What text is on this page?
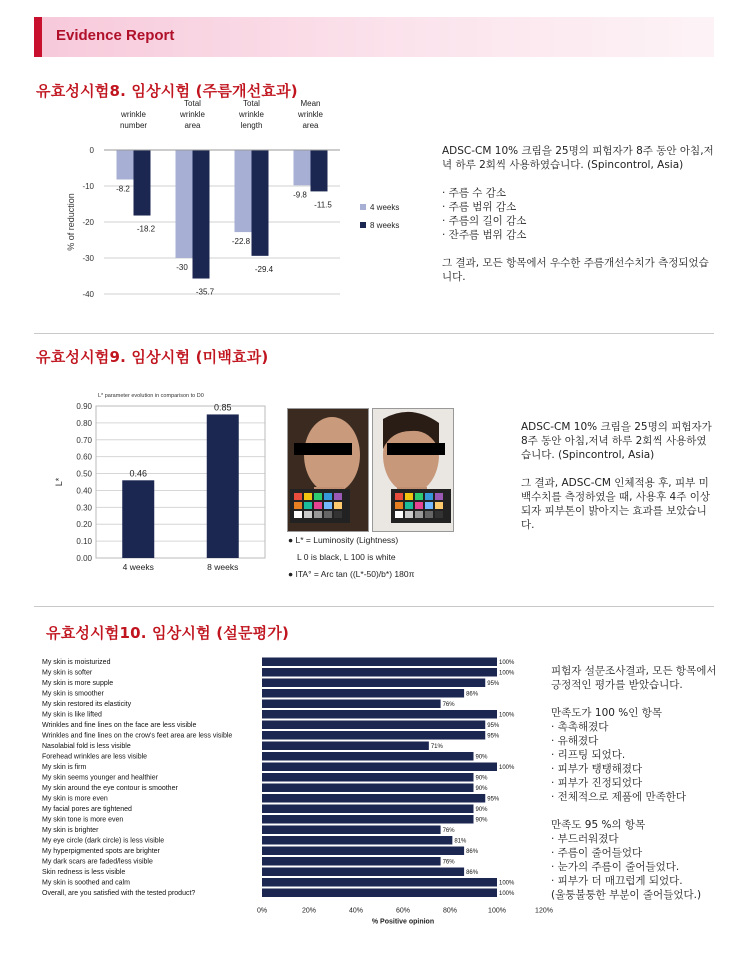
Evidence Report
유효성시험8. 임상시험 (주름개선효과)
0
-10
-20
-30
-40
% of reduction
wrinkle
number
-8.2
-18.2
Total
wrinkle
area
-30
-35.7
Total
wrinkle
length
-22.8
-29.4
Mean
wrinkle
area
-9.8
-11.5	4 weeks
8 weeks

ADSC-CM 10% 크림을 25명의 피험자가 8주 동안 아침,저녁 하루 2회씩 사용하였습니다. (Spincontrol, Asia)

· 주름 수 감소
· 주름 범위 감소
· 주름의 길이 감소
· 잔주름 범위 감소

그 결과, 모든 항목에서 우수한 주름개선수치가 측정되었습니다.

유효성시험9. 임상시험 (미백효과)
0.00
0.10
0.20
0.30
0.40
0.50
0.60
0.70
0.80
0.90
L* parameter evolution in comparison to D0
L*
0.46
4 weeks
0.85
8 weeks
● L* = Luminosity (Lightness)
L 0 is black, L 100 is white
● ITA° = Arc tan ((L*-50)/b*) 180π

ADSC-CM 10% 크림을 25명의 피험자가 8주 동안 아침,저녁 하루 2회씩 사용하였습니다. (Spincontrol, Asia)

그 결과, ADSC-CM 인체적용 후, 피부 미백수치를 측정하였을 때, 사용후 4주 이상되자 피부톤이 밝아지는 효과를 보았습니다.

유효성시험10. 임상시험 (설문평가)
My skin is moisturized	100%
My skin is softer	100%
My skin is more supple	95%
My skin is smoother	86%
My skin restored its elasticity	76%
My skin is like lifted	100%
Wrinkles and fine lines on the face are less visible	95%
Wrinkles and fine lines on the crow's feet area are less visible	95%
Nasolabial fold is less visible	71%
Forehead wrinkles are less visible	90%
My skin is firm	100%
My skin seems younger and healthier	90%
My skin around the eye contour is smoother	90%
My skin is more even	95%
My facial pores are tightened	90%
My skin tone is more even	90%
My skin is brighter	76%
My eye circle (dark circle) is less visible	81%
My hyperpigmented spots are brighter	86%
My dark scars are faded/less visible	76%
Skin redness is less visible	86%
My skin is soothed and calm	100%
Overall, are you satisfied with the tested product?	100%
0%	20%	40%	60%	80%	100%	120%
% Positive opinion

피험자 설문조사결과, 모든 항목에서 긍정적인 평가를 받았습니다.

만족도가 100 %인 항목
· 촉촉해졌다
· 유해졌다
· 리프팅 되었다.
· 피부가 탱탱해졌다
· 피부가 진정되었다
· 전체적으로 제품에 만족한다
만족도 95 %의 항목
· 부드러워졌다
· 주름이 줄어들었다
· 눈가의 주름이 줄어들었다.
· 피부가 더 매끄럽게 되었다.
(울퉁불퉁한 부분이 줄어들었다.)
